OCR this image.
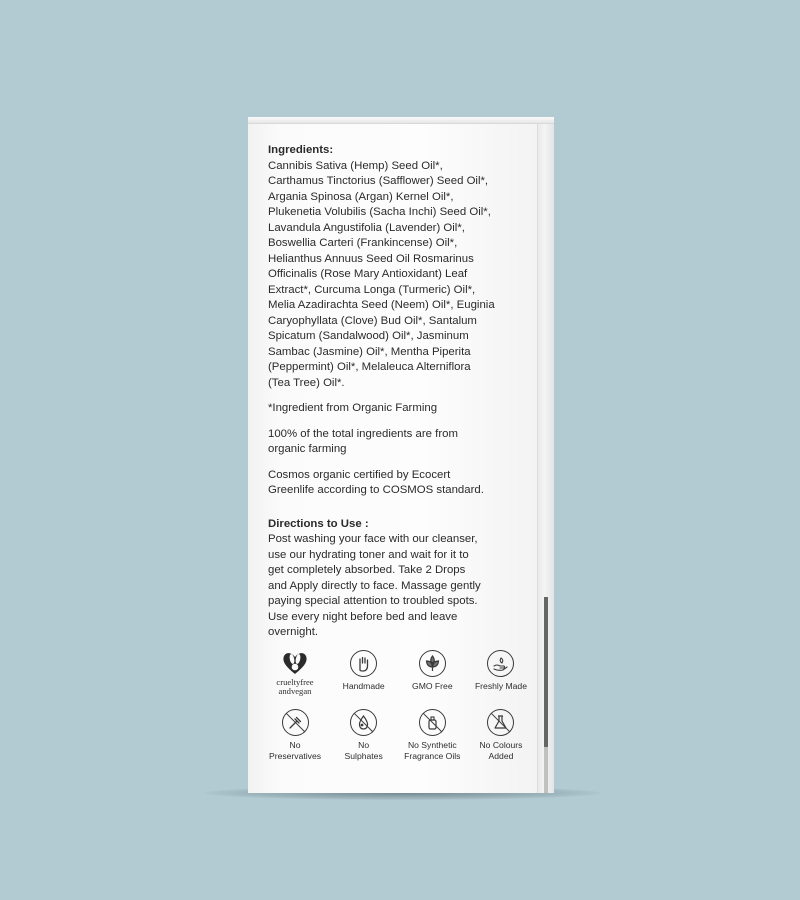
Ingredients:
Cannibis Sativa (Hemp) Seed Oil*,
Carthamus Tinctorius (Safflower) Seed Oil*,
Argania Spinosa (Argan) Kernel Oil*,
Plukenetia Volubilis (Sacha Inchi) Seed Oil*,
Lavandula Angustifolia (Lavender) Oil*,
Boswellia Carteri (Frankincense) Oil*,
Helianthus Annuus Seed Oil Rosmarinus
Officinalis (Rose Mary Antioxidant) Leaf
Extract*, Curcuma Longa (Turmeric) Oil*,
Melia Azadirachta Seed (Neem) Oil*, Euginia
Caryophyllata (Clove) Bud Oil*, Santalum
Spicatum (Sandalwood) Oil*, Jasminum
Sambac (Jasmine) Oil*, Mentha Piperita
(Peppermint) Oil*, Melaleuca Alterniflora
(Tea Tree) Oil*.
*Ingredient from Organic Farming
100% of the total ingredients are from
organic farming
Cosmos organic certified by Ecocert
Greenlife according to COSMOS standard.
Directions to Use :
Post washing your face with our cleanser,
use our hydrating toner and wait for it to
get completely absorbed. Take 2 Drops
and Apply directly to face. Massage gently
paying special attention to troubled spots.
Use every night before bed and leave
overnight.
crueltyfree
andvegan	Handmade	GMO Free	Freshly Made
No
Preservatives
No
Sulphates
No Synthetic
Fragrance Oils
No Colours
Added
